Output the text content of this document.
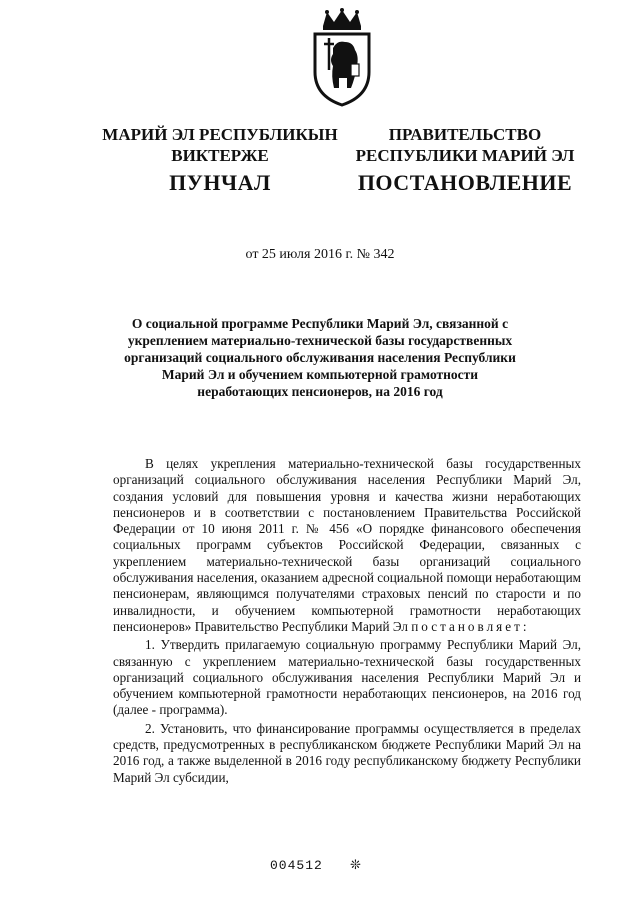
МАРИЙ ЭЛ РЕСПУБЛИКЫН
ВИКТЕРЖЕ
ПРАВИТЕЛЬСТВО
РЕСПУБЛИКИ МАРИЙ ЭЛ
ПУНЧАЛ	ПОСТАНОВЛЕНИЕ
от 25 июля 2016 г. № 342
О социальной программе Республики Марий Эл, связанной с укреплением материально-технической базы государственных организаций социального обслуживания населения Республики Марий Эл и обучением компьютерной грамотности неработающих пенсионеров, на 2016 год

В целях укрепления материально-технической базы государственных организаций социального обслуживания населения Республики Марий Эл, создания условий для повышения уровня и качества жизни неработающих пенсионеров и в соответствии с постановлением Правительства Российской Федерации от 10 июня 2011 г. № 456 «О порядке финансового обеспечения социальных программ субъектов Российской Федерации, связанных с укреплением материально-технической базы организаций социального обслуживания населения, оказанием адресной социальной помощи неработающим пенсионерам, являющимся получателями страховых пенсий по старости и по инвалидности, и обучением компьютерной грамотности неработающих пенсионеров» Правительство Республики Марий Эл постановляет:

1. Утвердить прилагаемую социальную программу Республики Марий Эл, связанную с укреплением материально-технической базы государственных организаций социального обслуживания населения Республики Марий Эл и обучением компьютерной грамотности неработающих пенсионеров, на 2016 год (далее - программа).

2. Установить, что финансирование программы осуществляется в пределах средств, предусмотренных в республиканском бюджете Республики Марий Эл на 2016 год, а также выделенной в 2016 году республиканскому бюджету Республики Марий Эл субсидии,

004512 ❊
